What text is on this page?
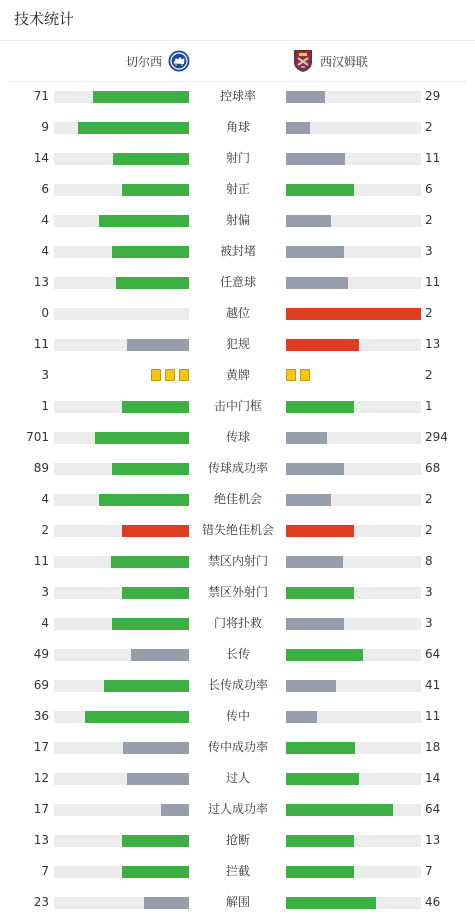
技术统计
切尔西	西汉姆联
71	控球率	29
9	角球	2
14	射门	11
6	射正	6
4	射偏	2
4	被封堵	3
13	任意球	11
0	越位	2
11	犯规	13
3	黄牌	2
1	击中门框	1
701	传球	294
89	传球成功率	68
4	绝佳机会	2
2	错失绝佳机会	2
11	禁区内射门	8
3	禁区外射门	3
4	门将扑救	3
49	长传	64
69	长传成功率	41
36	传中	11
17	传中成功率	18
12	过人	14
17	过人成功率	64
13	抢断	13
7	拦截	7
23	解围	46
